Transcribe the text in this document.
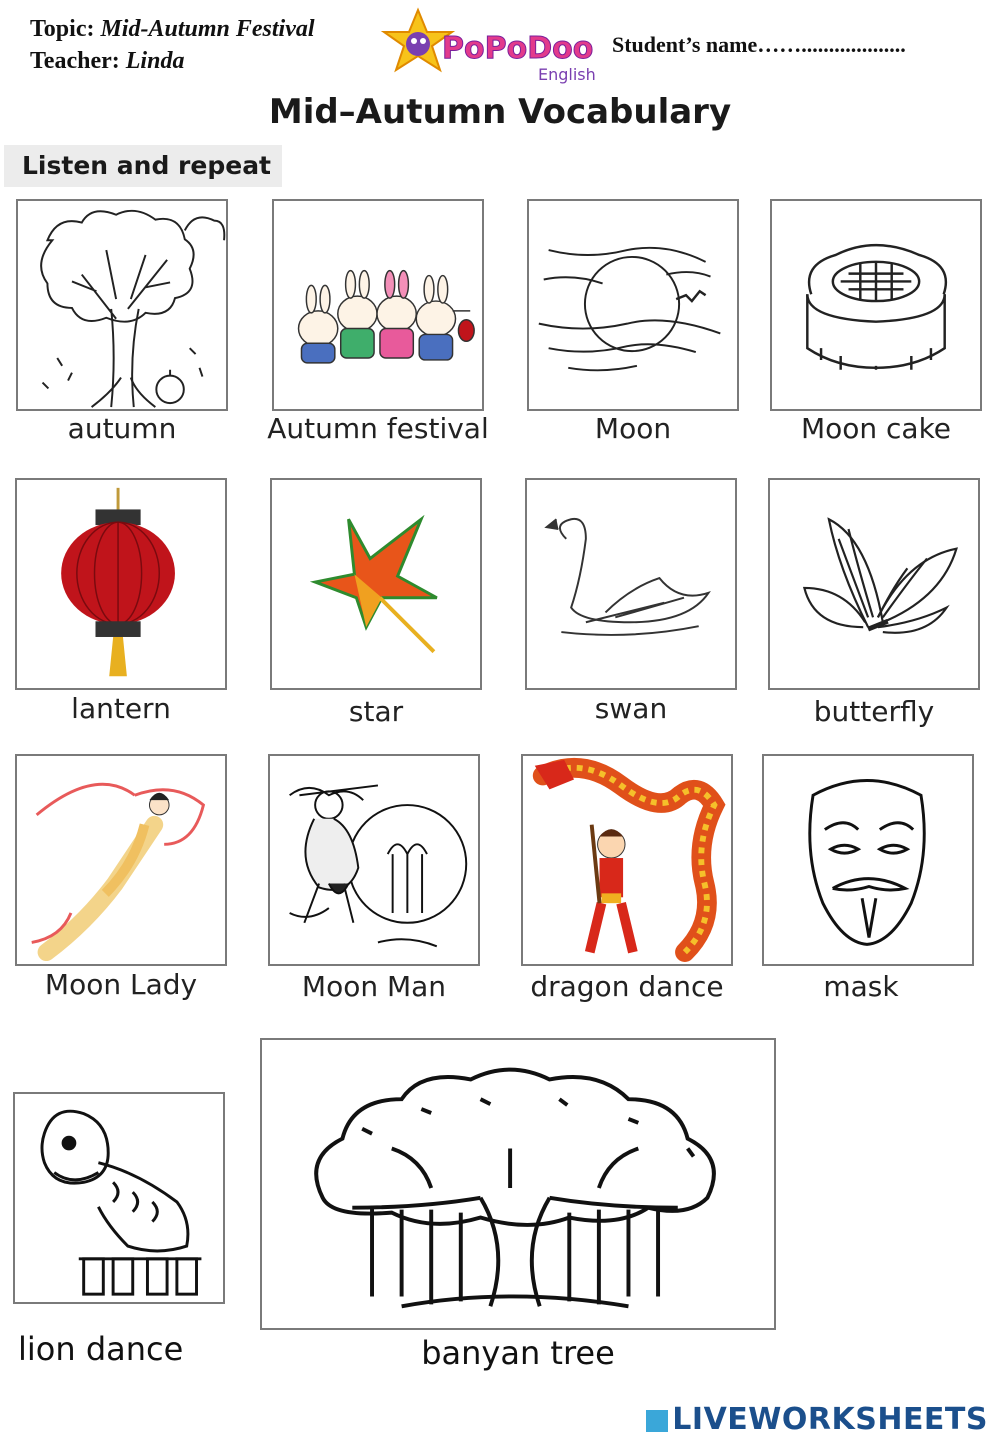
Topic: Mid-Autumn Festival
Teacher: Linda	PoPoDoo
English
Student’s name……...................
Mid–Autumn Vocabulary
Listen and repeat
autumn	Autumn festival	Moon	Moon cake
lantern	star	swan	butterfly
Moon Lady	Moon Man	dragon dance	mask
lion dance	banyan tree
LIVEWORKSHEETS
